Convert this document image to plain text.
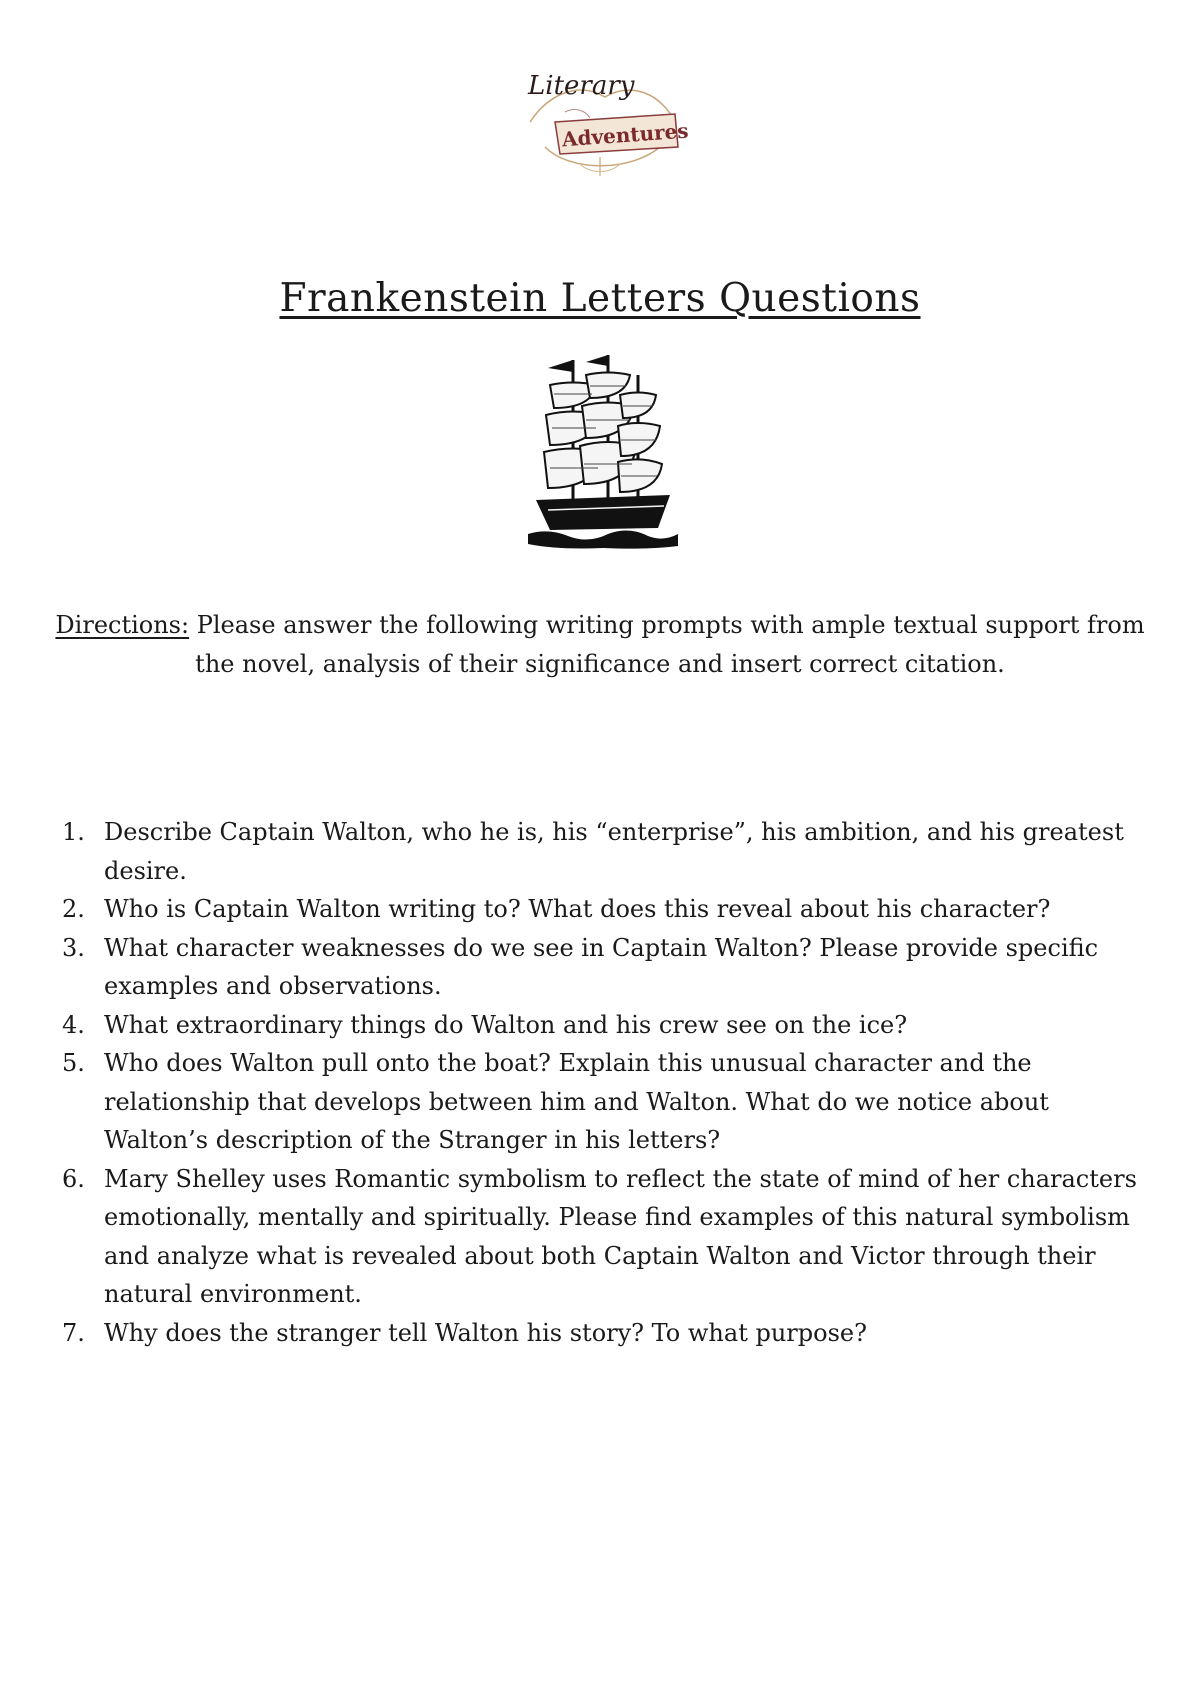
Literary
Adventures
Frankenstein Letters Questions
Directions: Please answer the following writing prompts with ample textual support from the novel, analysis of their significance and insert correct citation.
1. Describe Captain Walton, who he is, his “enterprise”, his ambition, and his greatest desire.
2. Who is Captain Walton writing to? What does this reveal about his character?
3. What character weaknesses do we see in Captain Walton? Please provide specific examples and observations.
4. What extraordinary things do Walton and his crew see on the ice?
5. Who does Walton pull onto the boat? Explain this unusual character and the relationship that develops between him and Walton. What do we notice about Walton’s description of the Stranger in his letters?
6. Mary Shelley uses Romantic symbolism to reflect the state of mind of her characters emotionally, mentally and spiritually. Please find examples of this natural symbolism and analyze what is revealed about both Captain Walton and Victor through their natural environment.
7. Why does the stranger tell Walton his story? To what purpose?
